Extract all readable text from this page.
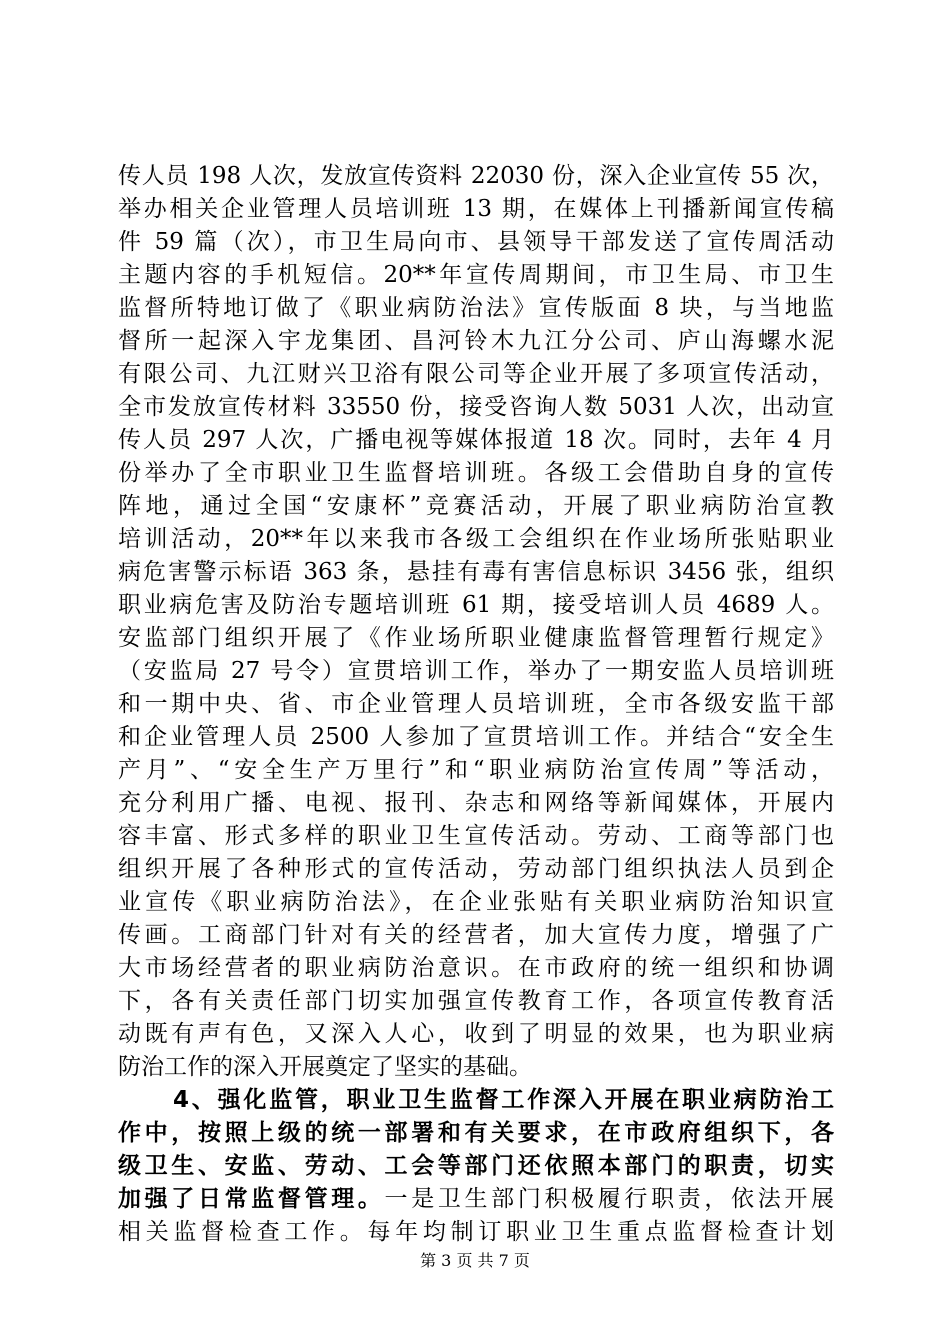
传人员 198 人次，发放宣传资料 22030 份，深入企业宣传 55 次，
举办相关企业管理人员培训班 13 期，在媒体上刊播新闻宣传稿
件 59 篇（次），市卫生局向市、县领导干部发送了宣传周活动
主题内容的手机短信。20**年宣传周期间，市卫生局、市卫生
监督所特地订做了《职业病防治法》宣传版面 8 块，与当地监
督所一起深入宇龙集团、昌河铃木九江分公司、庐山海螺水泥
有限公司、九江财兴卫浴有限公司等企业开展了多项宣传活动，
全市发放宣传材料 33550 份，接受咨询人数 5031 人次，出动宣
传人员 297 人次，广播电视等媒体报道 18 次。同时，去年 4 月
份举办了全市职业卫生监督培训班。各级工会借助自身的宣传
阵地，通过全国“安康杯”竞赛活动，开展了职业病防治宣教
培训活动，20**年以来我市各级工会组织在作业场所张贴职业
病危害警示标语 363 条，悬挂有毒有害信息标识 3456 张，组织
职业病危害及防治专题培训班 61 期，接受培训人员 4689 人。
安监部门组织开展了《作业场所职业健康监督管理暂行规定》
（安监局 27 号令）宣贯培训工作，举办了一期安监人员培训班
和一期中央、省、市企业管理人员培训班，全市各级安监干部
和企业管理人员 2500 人参加了宣贯培训工作。并结合“安全生
产月”、“安全生产万里行”和“职业病防治宣传周”等活动，
充分利用广播、电视、报刊、杂志和网络等新闻媒体，开展内
容丰富、形式多样的职业卫生宣传活动。劳动、工商等部门也
组织开展了各种形式的宣传活动，劳动部门组织执法人员到企
业宣传《职业病防治法》，在企业张贴有关职业病防治知识宣
传画。工商部门针对有关的经营者，加大宣传力度，增强了广
大市场经营者的职业病防治意识。在市政府的统一组织和协调
下，各有关责任部门切实加强宣传教育工作，各项宣传教育活
动既有声有色，又深入人心，收到了明显的效果，也为职业病
防治工作的深入开展奠定了坚实的基础。
4、强化监管，职业卫生监督工作深入开展在职业病防治工
作中，按照上级的统一部署和有关要求，在市政府组织下，各
级卫生、安监、劳动、工会等部门还依照本部门的职责，切实
加强了日常监督管理。一是卫生部门积极履行职责，依法开展
相关监督检查工作。每年均制订职业卫生重点监督检查计划
第 3 页 共 7 页
